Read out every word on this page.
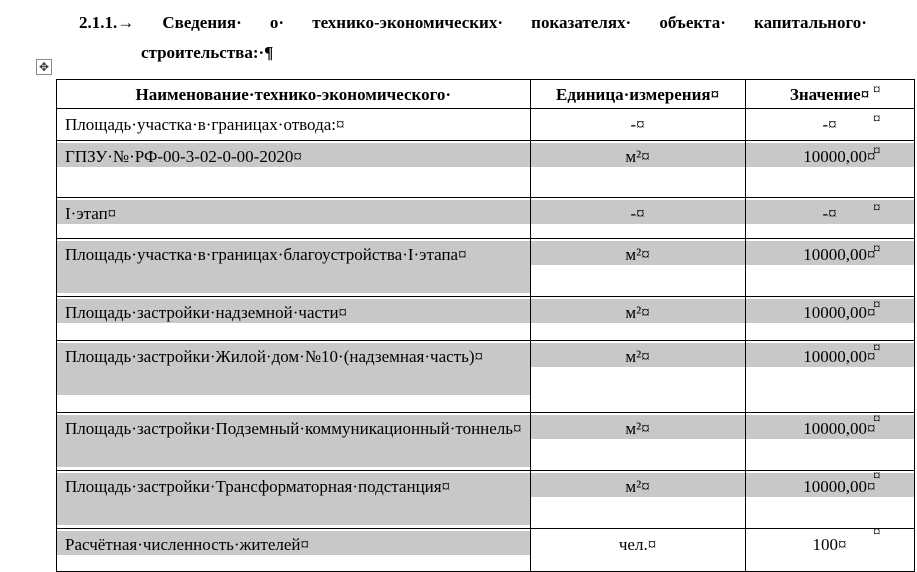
2.1.1.→ Сведения· о· технико-экономических· показателях· объекта· капитального·
строительства:·¶
✥
Наименование·технико-экономического·	Единица·измерения¤	Значение¤

Площадь·участка·в·границах·отвода:¤	-¤	-¤

ГПЗУ·№·РФ-00-3-02-0-00-2020¤	м²¤	10000,00¤

I·этап¤	-¤	-¤

Площадь·участка·в·границах·благоустройства·I·этапа¤	м²¤	10000,00¤

Площадь·застройки·надземной·части¤	м²¤	10000,00¤

Площадь·застройки·Жилой·дом·№10·(надземная·часть)¤	м²¤	10000,00¤

Площадь·застройки·Подземный·коммуникационный·тоннель¤	м²¤	10000,00¤

Площадь·застройки·Трансформаторная·подстанция¤	м²¤	10000,00¤

Расчётная·численность·жителей¤	чел.¤	100¤
¤
¤
¤
¤
¤
¤
¤
¤
¤
¤
